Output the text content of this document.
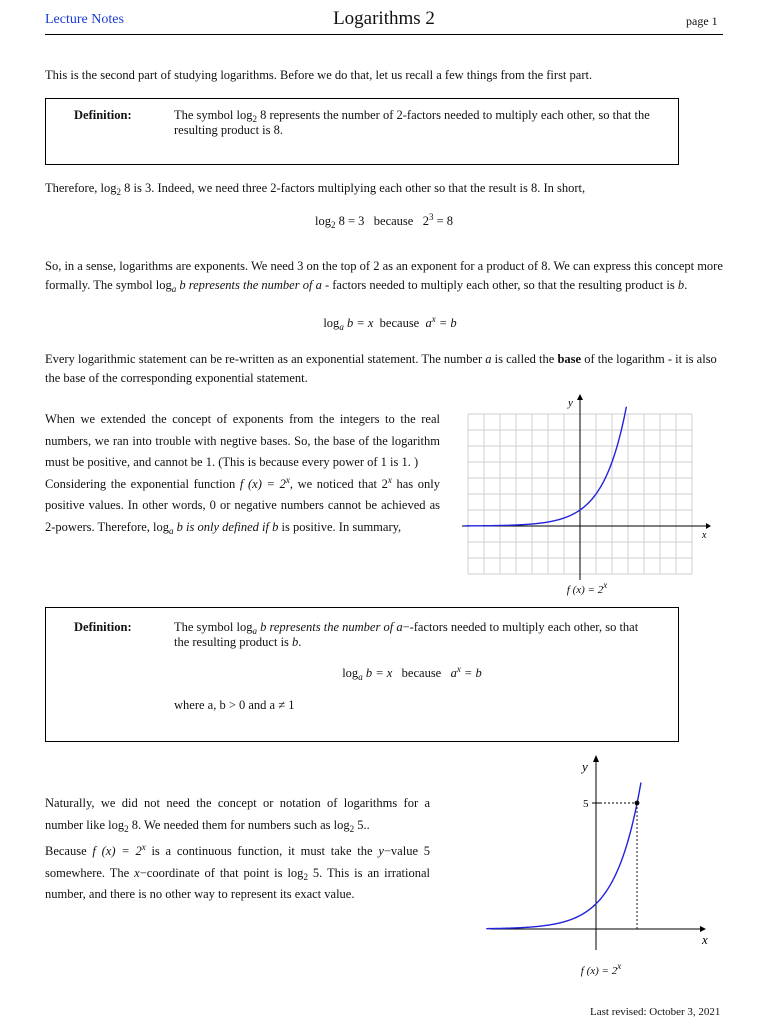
Lecture Notes	Logarithms 2	page 1

This is the second part of studying logarithms. Before we do that, let us recall a few things from the first part.

Definition:	The symbol $\log_2 8$ represents the number of 2-factors needed to multiply each other, so that the resulting product is 8.

Therefore, $\log_2 8$ is 3. Indeed, we need three 2-factors multiplying each other so that the result is 8. In short,

$\log_2 8 = 3$ because $2^3 = 8$

So, in a sense, logarithms are exponents. We need 3 on the top of 2 as an exponent for a product of 8. We can express this concept more formally. The symbol $\log_a b$ represents the number of a - factors needed to multiply each other, so that the resulting product is b.

$\log_a b = x$ because $a^x = b$

Every logarithmic statement can be re-written as an exponential statement. The number a is called the base of the logarithm - it is also the base of the corresponding exponential statement.

When we extended the concept of exponents from the integers to the real numbers, we ran into trouble with negtive bases. So, the base of the logarithm must be positive, and cannot be 1. (This is because every power of 1 is 1. )
Considering the exponential function f $(x) = 2^x$, we noticed that 2$^x$ has only positive values. In other words, 0 or negative numbers cannot be achieved as 2-powers. Therefore, $\log_a b$ is only defined if b is positive. In summary,

y
x
f $(x) = 2^x$
Definition:	The symbol $\log_a b$ represents the number of a−-factors needed to multiply each other, so that the resulting product is b.

$\log_a b = x$ because $a^x = b$

where a, b > 0 and a ≠ 1

Naturally, we did not need the concept or notation of logarithms for a number like $\log_2 8$. We needed them for numbers such as $\log_2 5$..

Because f $(x) = 2^x$ is a continuous function, it must take the y−value 5 somewhere. The x−coordinate of that point is $\log_2 5$. This is an irrational number, and there is no other way to represent its exact value.

y
x
5
f $(x) = 2^x$
Last revised: October 3, 2021
